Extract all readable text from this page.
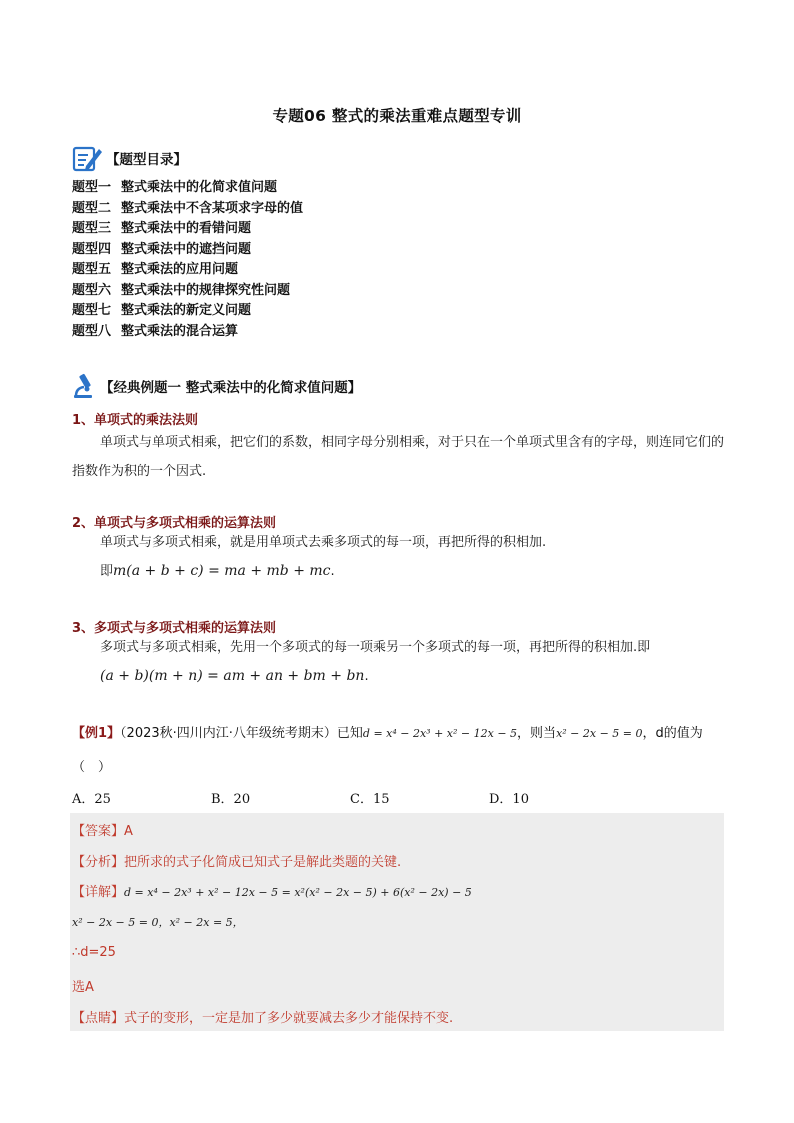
专题06 整式的乘法重难点题型专训
【题型目录】
题型一 整式乘法中的化简求值问题
题型二 整式乘法中不含某项求字母的值
题型三 整式乘法中的看错问题
题型四 整式乘法中的遮挡问题
题型五 整式乘法的应用问题
题型六 整式乘法中的规律探究性问题
题型七 整式乘法的新定义问题
题型八 整式乘法的混合运算
【经典例题一 整式乘法中的化简求值问题】
1、单项式的乘法法则
单项式与单项式相乘，把它们的系数，相同字母分别相乘，对于只在一个单项式里含有的字母，则连同它们的指数作为积的一个因式.
2、单项式与多项式相乘的运算法则
单项式与多项式相乘，就是用单项式去乘多项式的每一项，再把所得的积相加.
即m(a + b + c) = ma + mb + mc.
3、多项式与多项式相乘的运算法则
多项式与多项式相乘，先用一个多项式的每一项乘另一个多项式的每一项，再把所得的积相加.即
(a + b)(m + n) = am + an + bm + bn.
【例1】（2023秋·四川内江·八年级统考期末）已知d = x⁴ − 2x³ + x² − 12x − 5，则当x² − 2x − 5 = 0，d的值为
（　）
A．25	B．20	C．15	D．10
【答案】A
【分析】把所求的式子化简成已知式子是解此类题的关键.
【详解】d = x⁴ − 2x³ + x² − 12x − 5 = x²(x² − 2x − 5) + 6(x² − 2x) − 5
x² − 2x − 5 = 0，x² − 2x = 5，
∴d=25
选A
【点睛】式子的变形，一定是加了多少就要减去多少才能保持不变.
